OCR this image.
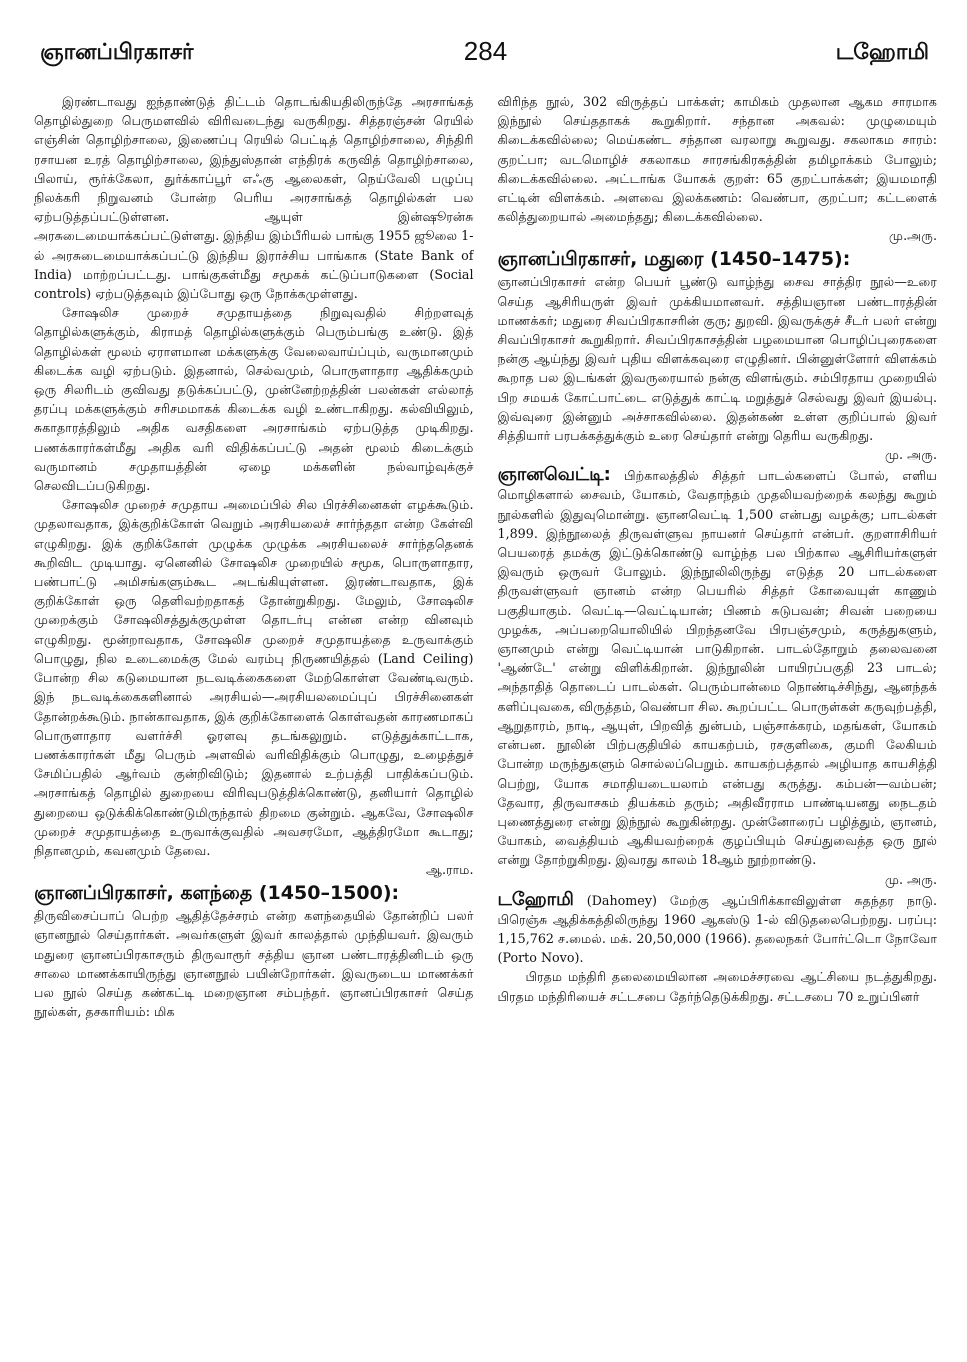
ஞானப்பிரகாசர்	284	டஹோமி

இரண்டாவது ஐந்தாண்டுத் திட்டம் தொடங்கியதிலிருந்தே அரசாங்கத் தொழில்துறை பெருமளவில் விரிவடைந்து வருகிறது. சித்தரஞ்சன் ரெயில் எஞ்சின் தொழிற்சாலை, இணைப்பு ரெயில் பெட்டித் தொழிற்சாலை, சிந்திரி ரசாயன உரத் தொழிற்சாலை, இந்துஸ்தான் எந்திரக் கருவித் தொழிற்சாலை, பிலாய், ரூர்க்கேலா, துர்க்காப்பூர் எஃகு ஆலைகள், நெய்வேலி பழுப்பு நிலக்கரி நிறுவனம் போன்ற பெரிய அரசாங்கத் தொழில்கள் பல ஏற்படுத்தப்பட்டுள்ளன. ஆயுள் இன்ஷூரன்சு அரசுடைமையாக்கப்பட்டுள்ளது. இந்திய இம்பீரியல் பாங்கு 1955 ஜூலை 1-ல் அரசுடைமையாக்கப்பட்டு இந்திய இராச்சிய பாங்காக (State Bank of India) மாற்றப்பட்டது. பாங்குகள்மீது சமூகக் கட்டுப்பாடுகளை (Social controls) ஏற்படுத்தவும் இப்போது ஒரு நோக்கமுள்ளது.

சோஷலிச முறைச் சமுதாயத்தை நிறுவுவதில் சிற்றளவுத் தொழில்களுக்கும், கிராமத் தொழில்களுக்கும் பெரும்பங்கு உண்டு. இத் தொழில்கள் மூலம் ஏராளமான மக்களுக்கு வேலைவாய்ப்பும், வருமானமும் கிடைக்க வழி ஏற்படும். இதனால், செல்வமும், பொருளாதார ஆதிக்கமும் ஒரு சிலரிடம் குவிவது தடுக்கப்பட்டு, முன்னேற்றத்தின் பலன்கள் எல்லாத் தரப்பு மக்களுக்கும் சரிசமமாகக் கிடைக்க வழி உண்டாகிறது. கல்வியிலும், சுகாதாரத்திலும் அதிக வசதிகளை அரசாங்கம் ஏற்படுத்த முடிகிறது. பணக்காரர்கள்மீது அதிக வரி விதிக்கப்பட்டு அதன் மூலம் கிடைக்கும் வருமானம் சமுதாயத்தின் ஏழை மக்களின் நல்வாழ்வுக்குச் செலவிடப்படுகிறது.

சோஷலிச முறைச் சமுதாய அமைப்பில் சில பிரச்சினைகள் எழக்கூடும். முதலாவதாக, இக்குறிக்கோள் வெறும் அரசியலைச் சார்ந்ததா என்ற கேள்வி எழுகிறது. இக் குறிக்கோள் முழுக்க முழுக்க அரசியலைச் சார்ந்ததெனக் கூறிவிட முடியாது. ஏனெனில் சோஷலிச முறையில் சமூக, பொருளாதார, பண்பாட்டு அமிசங்களும்கூட அடங்கியுள்ளன. இரண்டாவதாக, இக் குறிக்கோள் ஒரு தெளிவற்றதாகத் தோன்றுகிறது. மேலும், சோஷலிச முறைக்கும் சோஷலிசத்துக்குமுள்ள தொடர்பு என்ன என்ற வினவும் எழுகிறது. மூன்றாவதாக, சோஷலிச முறைச் சமுதாயத்தை உருவாக்கும் பொழுது, நில உடைமைக்கு மேல் வரம்பு நிருணயித்தல் (Land Ceiling) போன்ற சில கடுமையான நடவடிக்கைகளை மேற்கொள்ள வேண்டிவரும். இந் நடவடிக்கைகளினால் அரசியல்—அரசியலமைப்புப் பிரச்சினைகள் தோன்றக்கூடும். நான்காவதாக, இக் குறிக்கோளைக் கொள்வதன் காரணமாகப் பொருளாதார வளர்ச்சி ஓரளவு தடங்கலுறும். எடுத்துக்காட்டாக, பணக்காரர்கள் மீது பெரும் அளவில் வரிவிதிக்கும் பொழுது, உழைத்துச் சேமிப்பதில் ஆர்வம் குன்றிவிடும்; இதனால் உற்பத்தி பாதிக்கப்படும். அரசாங்கத் தொழில் துறையை விரிவுபடுத்திக்கொண்டு, தனியார் தொழில் துறையை ஒடுக்கிக்கொண்டுமிருந்தால் திறமை குன்றும். ஆகவே, சோஷலிச முறைச் சமுதாயத்தை உருவாக்குவதில் அவசரமோ, ஆத்திரமோ கூடாது; நிதானமும், கவனமும் தேவை.

ஆ.ராம.
ஞானப்பிரகாசர், களந்தை (1450–1500):

திருவிசைப்பாப் பெற்ற ஆதித்தேச்சரம் என்ற களந்தையில் தோன்றிப் பலர் ஞானநூல் செய்தார்கள். அவர்களுள் இவர் காலத்தால் முந்தியவர். இவரும் மதுரை ஞானப்பிரகாசரும் திருவாரூர் சத்திய ஞான பண்டாரத்தினிடம் ஒரு சாலை மாணக்காயிருந்து ஞானநூல் பயின்றோர்கள். இவருடைய மாணக்கர் பல நூல் செய்த கண்கட்டி மறைஞான சம்பந்தர். ஞானப்பிரகாசர் செய்த நூல்கள், தசகாரியம்: மிக

விரிந்த நூல், 302 விருத்தப் பாக்கள்; காமிகம் முதலான ஆகம சாரமாக இந்நூல் செய்ததாகக் கூறுகிறார். சந்தான அகவல்: முழுமையும் கிடைக்கவில்லை; மெய்கண்ட சந்தான வரலாறு கூறுவது. சகலாகம சாரம்: குறட்பா; வடமொழிச் சகலாகம சாரசங்கிரகத்தின் தமிழாக்கம் போலும்; கிடைக்கவில்லை. அட்டாங்க யோகக் குறள்: 65 குறட்பாக்கள்; இயமமாதி எட்டின் விளக்கம். அளவை இலக்கணம்: வெண்பா, குறட்பா; கட்டளைக் கலித்துறையால் அமைந்தது; கிடைக்கவில்லை.

மு.அரு.
ஞானப்பிரகாசர், மதுரை (1450–1475):

ஞானப்பிரகாசர் என்ற பெயர் பூண்டு வாழ்ந்து சைவ சாத்திர நூல்—உரை செய்த ஆசிரியருள் இவர் முக்கியமானவர். சத்தியஞான பண்டாரத்தின் மாணக்கர்; மதுரை சிவப்பிரகாசரின் குரு; துறவி. இவருக்குச் சீடர் பலர் என்று சிவப்பிரகாசர் கூறுகிறார். சிவப்பிரகாசத்தின் பழமையான பொழிப்புரைகளை நன்கு ஆய்ந்து இவர் புதிய விளக்கவுரை எழுதினர். பின்னுள்ளோர் விளக்கம் கூறாத பல இடங்கள் இவருரையால் நன்கு விளங்கும். சம்பிரதாய முறையில் பிற சமயக் கோட்பாட்டை எடுத்துக் காட்டி மறுத்துச் செல்வது இவர் இயல்பு. இவ்வுரை இன்னும் அச்சாகவில்லை. இதன்கண் உள்ள குறிப்பால் இவர் சித்தியார் பரபக்கத்துக்கும் உரை செய்தார் என்று தெரிய வருகிறது.

மு. அரு.

ஞானவெட்டி: பிற்காலத்தில் சித்தர் பாடல்களைப் போல், எளிய மொழிகளால் சைவம், யோகம், வேதாந்தம் முதலியவற்றைக் கலந்து கூறும் நூல்களில் இதுவுமொன்று. ஞானவெட்டி 1,500 என்பது வழக்கு; பாடல்கள் 1,899. இந்நூலைத் திருவள்ளுவ நாயனர் செய்தார் என்பர். குறளாசிரியர் பெயரைத் தமக்கு இட்டுக்கொண்டு வாழ்ந்த பல பிற்கால ஆசிரியர்களுள் இவரும் ஒருவர் போலும். இந்நூலிலிருந்து எடுத்த 20 பாடல்களை திருவள்ளுவர் ஞானம் என்ற பெயரில் சித்தர் கோவையுள் காணும் பகுதியாகும். வெட்டி—வெட்டியான்; பிணம் சுடுபவன்; சிவன் பறையை முழக்க, அப்பறையொலியில் பிறந்தனவே பிரபஞ்சமும், கருத்துகளும், ஞானமும் என்று வெட்டியான் பாடுகிறான். பாடல்தோறும் தலைவனை 'ஆண்டே' என்று விளிக்கிறான். இந்நூலின் பாயிரப்பகுதி 23 பாடல்; அந்தாதித் தொடைப் பாடல்கள். பெரும்பான்மை நொண்டிச்சிந்து, ஆனந்தக் களிப்புவகை, விருத்தம், வெண்பா சில. கூறப்பட்ட பொருள்கள் கருவுற்பத்தி, ஆறுதாரம், நாடி, ஆயுள், பிறவித் துன்பம், பஞ்சாக்கரம், மதங்கள், யோகம் என்பன. நூலின் பிற்பகுதியில் காயகற்பம், ரசகுளிகை, குமரி லேகியம் போன்ற மருந்துகளும் சொல்லப்பெறும். காயகற்பத்தால் அழியாத காயசித்தி பெற்று, யோக சமாதியடையலாம் என்பது கருத்து. கம்பன்—வம்பன்; தேவார, திருவாசகம் தியக்கம் தரும்; அதிவீரராம பாண்டியனது நைடதம் புணைத்துரை என்று இந்நூல் கூறுகின்றது. முன்னோரைப் பழித்தும், ஞானம், யோகம், வைத்தியம் ஆகியவற்றைக் குழப்பியும் செய்துவைத்த ஒரு நூல் என்று தோற்றுகிறது. இவரது காலம் 18ஆம் நூற்றாண்டு.

மு. அரு.

டஹோமி (Dahomey) மேற்கு ஆப்பிரிக்காவிலுள்ள சுதந்தர நாடு. பிரெஞ்சு ஆதிக்கத்திலிருந்து 1960 ஆகஸ்டு 1-ல் விடுதலைபெற்றது. பரப்பு: 1,15,762 ச.மைல். மக். 20,50,000 (1966). தலைநகர் போர்ட்டொ நோவோ (Porto Novo).

பிரதம மந்திரி தலைமையிலான அமைச்சரவை ஆட்சியை நடத்துகிறது. பிரதம மந்திரியைச் சட்டசபை தேர்ந்தெடுக்கிறது. சட்டசபை 70 உறுப்பினர்
